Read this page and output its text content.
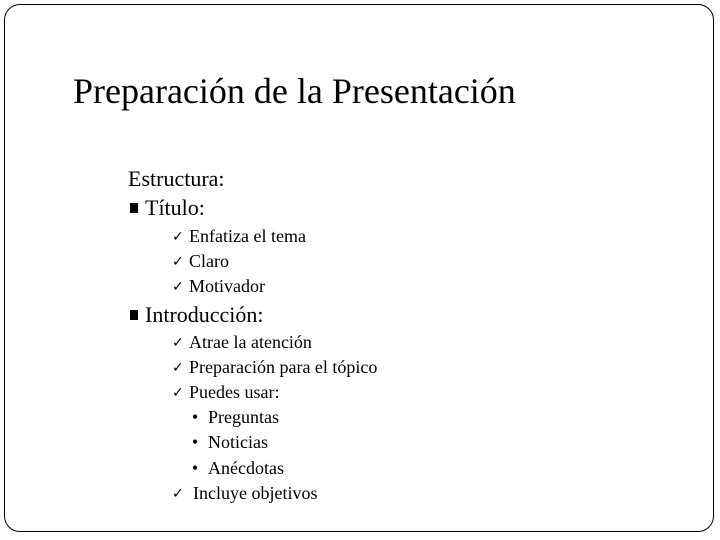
Preparación de la Presentación
Estructura:
Título:
✓ Enfatiza el tema
✓ Claro
✓ Motivador
Introducción:
✓ Atrae la atención
✓ Preparación para el tópico
✓ Puedes usar:
• Preguntas
• Noticias
• Anécdotas
✓ Incluye objetivos
